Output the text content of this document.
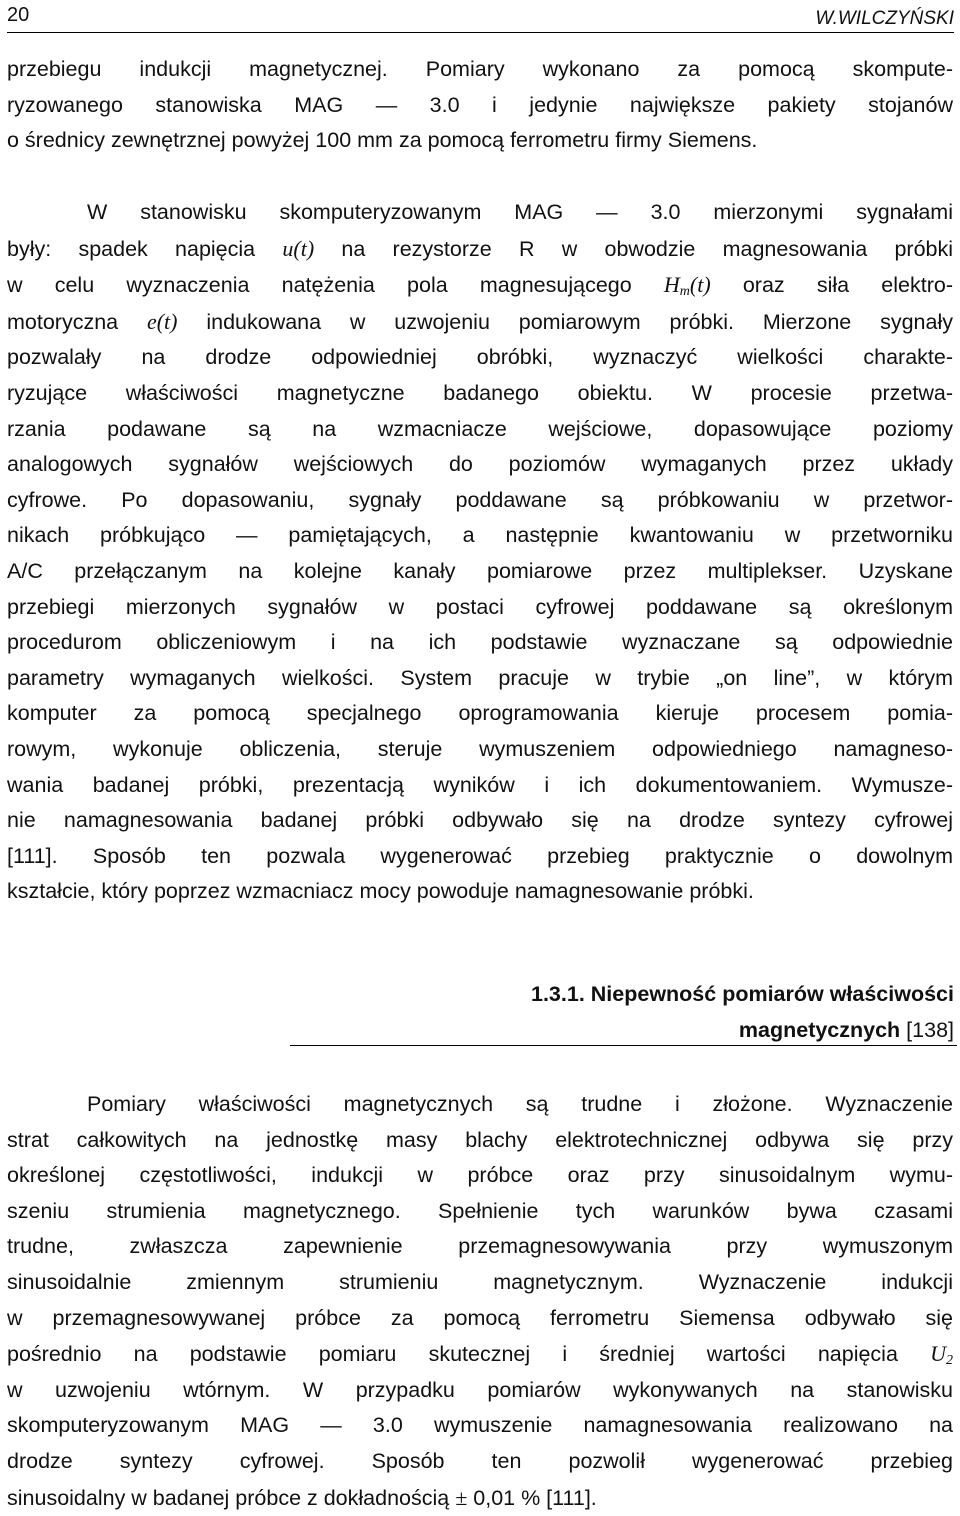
20	W.WILCZYŃSKI
przebiegu indukcji magnetycznej. Pomiary wykonano za pomocą skompute-
ryzowanego stanowiska MAG — 3.0 i jedynie największe pakiety stojanów
o średnicy zewnętrznej powyżej 100 mm za pomocą ferrometru firmy Siemens.
W stanowisku skomputeryzowanym MAG — 3.0 mierzonymi sygnałami
były: spadek napięcia u(t) na rezystorze R w obwodzie magnesowania próbki
w celu wyznaczenia natężenia pola magnesującego $H_m(t)$ oraz siła elektro-
motoryczna e(t) indukowana w uzwojeniu pomiarowym próbki. Mierzone sygnały
pozwalały na drodze odpowiedniej obróbki, wyznaczyć wielkości charakte-
ryzujące właściwości magnetyczne badanego obiektu. W procesie przetwa-
rzania podawane są na wzmacniacze wejściowe, dopasowujące poziomy
analogowych sygnałów wejściowych do poziomów wymaganych przez układy
cyfrowe. Po dopasowaniu, sygnały poddawane są próbkowaniu w przetwor-
nikach próbkująco — pamiętających, a następnie kwantowaniu w przetworniku
A/C przełączanym na kolejne kanały pomiarowe przez multiplekser. Uzyskane
przebiegi mierzonych sygnałów w postaci cyfrowej poddawane są określonym
procedurom obliczeniowym i na ich podstawie wyznaczane są odpowiednie
parametry wymaganych wielkości. System pracuje w trybie „on line”, w którym
komputer za pomocą specjalnego oprogramowania kieruje procesem pomia-
rowym, wykonuje obliczenia, steruje wymuszeniem odpowiedniego namagneso-
wania badanej próbki, prezentacją wyników i ich dokumentowaniem. Wymusze-
nie namagnesowania badanej próbki odbywało się na drodze syntezy cyfrowej
[111]. Sposób ten pozwala wygenerować przebieg praktycznie o dowolnym
kształcie, który poprzez wzmacniacz mocy powoduje namagnesowanie próbki.
1.3.1. Niepewność pomiarów właściwości
magnetycznych [138]
Pomiary właściwości magnetycznych są trudne i złożone. Wyznaczenie
strat całkowitych na jednostkę masy blachy elektrotechnicznej odbywa się przy
określonej częstotliwości, indukcji w próbce oraz przy sinusoidalnym wymu-
szeniu strumienia magnetycznego. Spełnienie tych warunków bywa czasami
trudne, zwłaszcza zapewnienie przemagnesowywania przy wymuszonym
sinusoidalnie zmiennym strumieniu magnetycznym. Wyznaczenie indukcji
w przemagnesowywanej próbce za pomocą ferrometru Siemensa odbywało się
pośrednio na podstawie pomiaru skutecznej i średniej wartości napięcia $U_2$
w uzwojeniu wtórnym. W przypadku pomiarów wykonywanych na stanowisku
skomputeryzowanym MAG — 3.0 wymuszenie namagnesowania realizowano na
drodze syntezy cyfrowej. Sposób ten pozwolił wygenerować przebieg
sinusoidalny w badanej próbce z dokładnością ± 0,01 % [111].
